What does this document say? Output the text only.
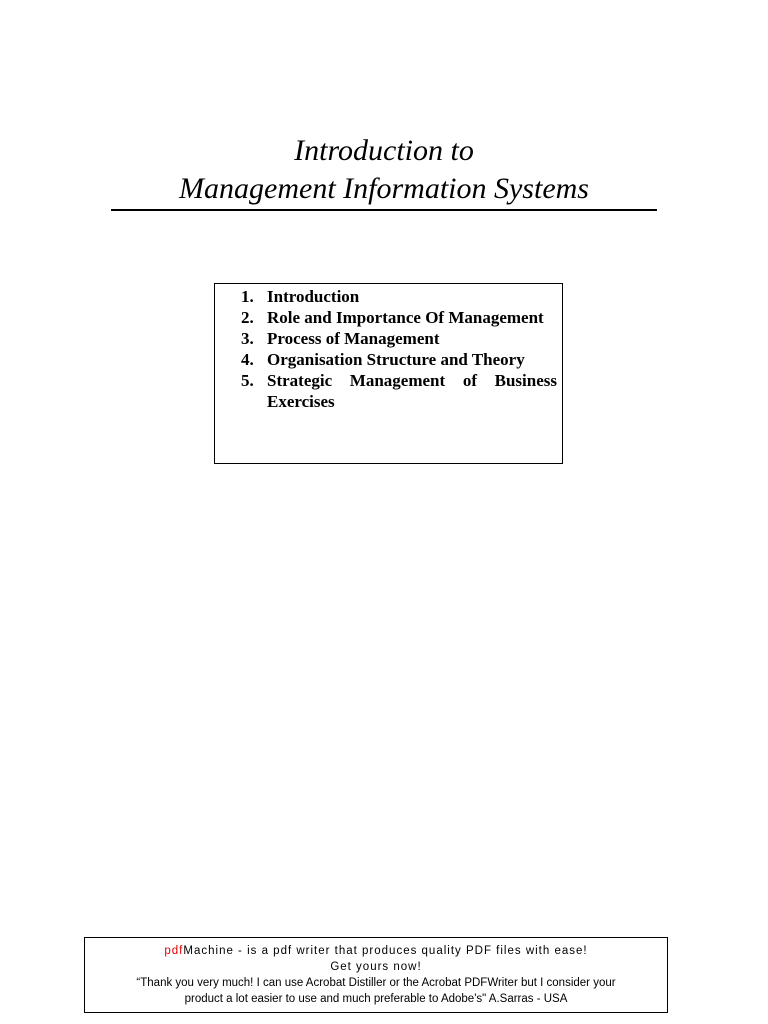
Introduction to
Management Information Systems
1. Introduction
2. Role and Importance Of Management
3. Process of Management
4. Organisation Structure and Theory
5. Strategic Management of Business
Exercises
pdfMachine - is a pdf writer that produces quality PDF files with ease!
Get yours now!
“Thank you very much! I can use Acrobat Distiller or the Acrobat PDFWriter but I consider your
product a lot easier to use and much preferable to Adobe's" A.Sarras - USA
